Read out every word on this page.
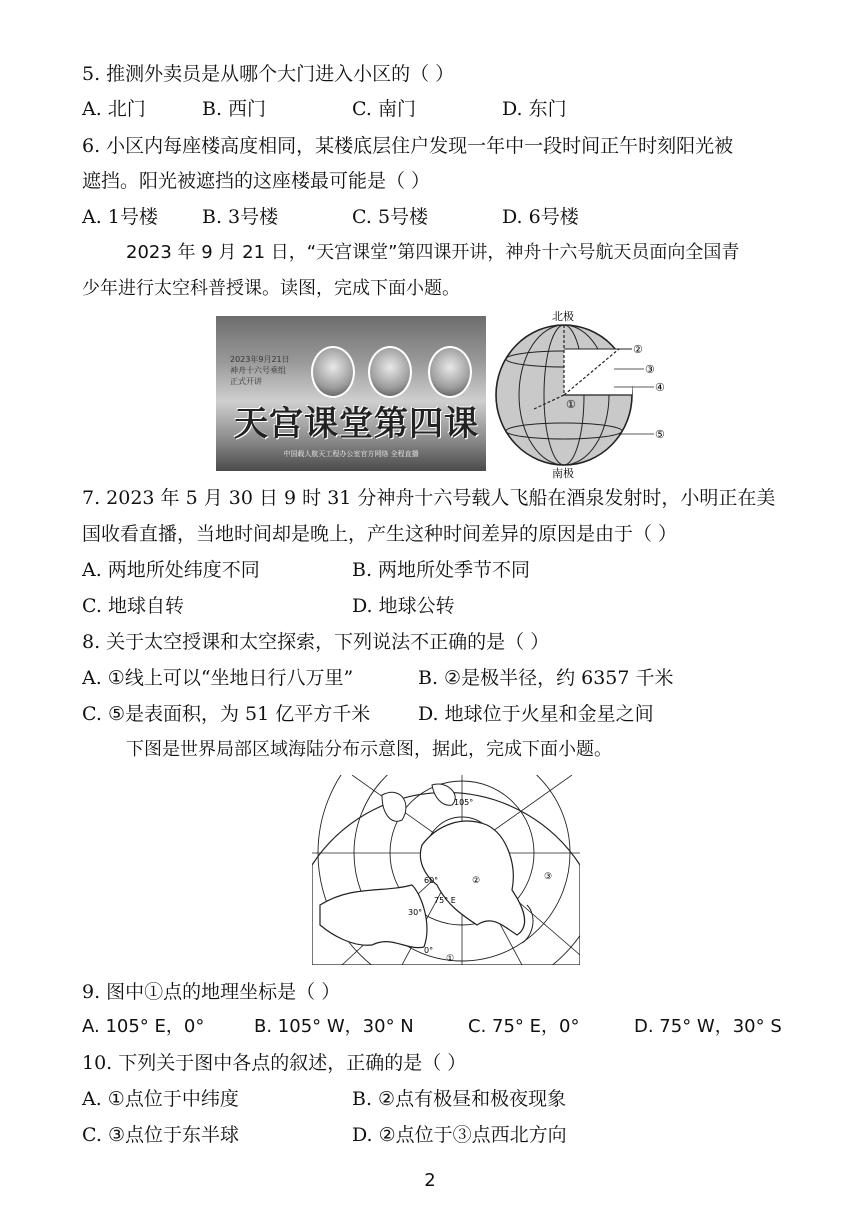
5. 推测外卖员是从哪个大门进入小区的（ ）
A. 北门	B. 西门	C. 南门	D. 东门
6. 小区内每座楼高度相同，某楼底层住户发现一年中一段时间正午时刻阳光被
遮挡。阳光被遮挡的这座楼最可能是（ ）
A. 1号楼 B. 3号楼	C. 5号楼	D. 6号楼
2023 年 9 月 21 日，“天宫课堂”第四课开讲，神舟十六号航天员面向全国青
少年进行太空科普授课。读图，完成下面小题。
2023年9月21日
神舟十六号乘组
正式开讲
天宫课堂第四课
中国载人航天工程办公室官方网络 全程直播
北极
南极
②
③
④
①
⑤
7. 2023 年 5 月 30 日 9 时 31 分神舟十六号载人飞船在酒泉发射时，小明正在美
国收看直播，当地时间却是晚上，产生这种时间差异的原因是由于（ ）
A. 两地所处纬度不同	B. 两地所处季节不同
C. 地球自转	D. 地球公转
8. 关于太空授课和太空探索，下列说法不正确的是（ ）
A. ①线上可以“坐地日行八万里”	B. ②是极半径，约 6357 千米
C. ⑤是表面积，为 51 亿平方千米	D. 地球位于火星和金星之间
下图是世界局部区域海陆分布示意图，据此，完成下面小题。
105°
60°
75° E
30°
0°
①
②	③
9. 图中①点的地理坐标是（ ）
A. 105° E，0°	B. 105° W，30° N	C. 75° E，0°	D. 75° W，30° S
10. 下列关于图中各点的叙述，正确的是（ ）
A. ①点位于中纬度	B. ②点有极昼和极夜现象
C. ③点位于东半球	D. ②点位于③点西北方向
2
